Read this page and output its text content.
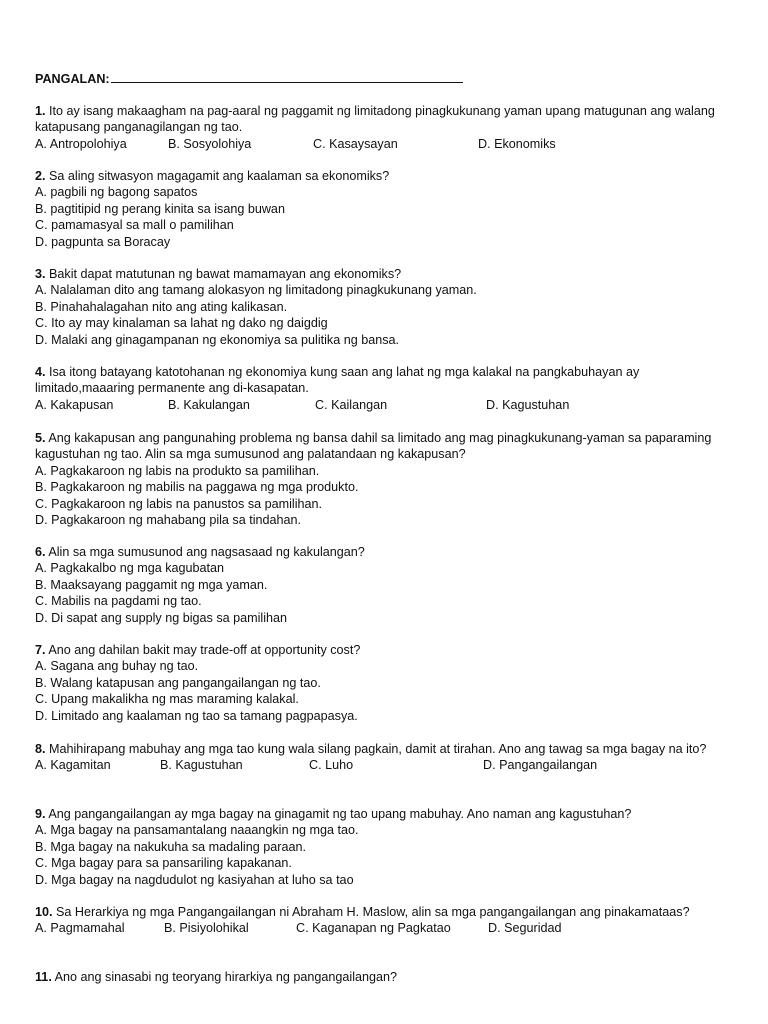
PANGALAN:
1. Ito ay isang makaagham na pag-aaral ng paggamit ng limitadong pinagkukunang yaman upang matugunan ang walang katapusang panganagilangan ng tao.
A. Antropolohiya	B. Sosyolohiya	C. Kasaysayan	D. Ekonomiks
2. Sa aling sitwasyon magagamit ang kaalaman sa ekonomiks?
A. pagbili ng bagong sapatos
B. pagtitipid ng perang kinita sa isang buwan
C. pamamasyal sa mall o pamilihan
D. pagpunta sa Boracay
3. Bakit dapat matutunan ng bawat mamamayan ang ekonomiks?
A. Nalalaman dito ang tamang alokasyon ng limitadong pinagkukunang yaman.
B. Pinahahalagahan nito ang ating kalikasan.
C. Ito ay may kinalaman sa lahat ng dako ng daigdig
D. Malaki ang ginagampanan ng ekonomiya sa pulitika ng bansa.
4. Isa itong batayang katotohanan ng ekonomiya kung saan ang lahat ng mga kalakal na pangkabuhayan ay limitado,maaaring permanente ang di-kasapatan.
A. Kakapusan	B. Kakulangan	C. Kailangan	D. Kagustuhan
5. Ang kakapusan ang pangunahing problema ng bansa dahil sa limitado ang mag pinagkukunang-yaman sa paparaming kagustuhan ng tao. Alin sa mga sumusunod ang palatandaan ng kakapusan?
A. Pagkakaroon ng labis na produkto sa pamilihan.
B. Pagkakaroon ng mabilis na paggawa ng mga produkto.
C. Pagkakaroon ng labis na panustos sa pamilihan.
D. Pagkakaroon ng mahabang pila sa tindahan.
6. Alin sa mga sumusunod ang nagsasaad ng kakulangan?
A. Pagkakalbo ng mga kagubatan
B. Maaksayang paggamit ng mga yaman.
C. Mabilis na pagdami ng tao.
D. Di sapat ang supply ng bigas sa pamilihan
7. Ano ang dahilan bakit may trade-off at opportunity cost?
A. Sagana ang buhay ng tao.
B. Walang katapusan ang pangangailangan ng tao.
C. Upang makalikha ng mas maraming kalakal.
D. Limitado ang kaalaman ng tao sa tamang pagpapasya.
8. Mahihirapang mabuhay ang mga tao kung wala silang pagkain, damit at tirahan. Ano ang tawag sa mga bagay na ito?
A. Kagamitan	B. Kagustuhan	C. Luho	D. Pangangailangan
9. Ang pangangailangan ay mga bagay na ginagamit ng tao upang mabuhay. Ano naman ang kagustuhan?
A. Mga bagay na pansamantalang naaangkin ng mga tao.
B. Mga bagay na nakukuha sa madaling paraan.
C. Mga bagay para sa pansariling kapakanan.
D. Mga bagay na nagdudulot ng kasiyahan at luho sa tao
10. Sa Herarkiya ng mga Pangangailangan ni Abraham H. Maslow, alin sa mga pangangailangan ang pinakamataas?
A. Pagmamahal	B. Pisiyolohikal	C. Kaganapan ng Pagkatao	D. Seguridad
11. Ano ang sinasabi ng teoryang hirarkiya ng pangangailangan?
